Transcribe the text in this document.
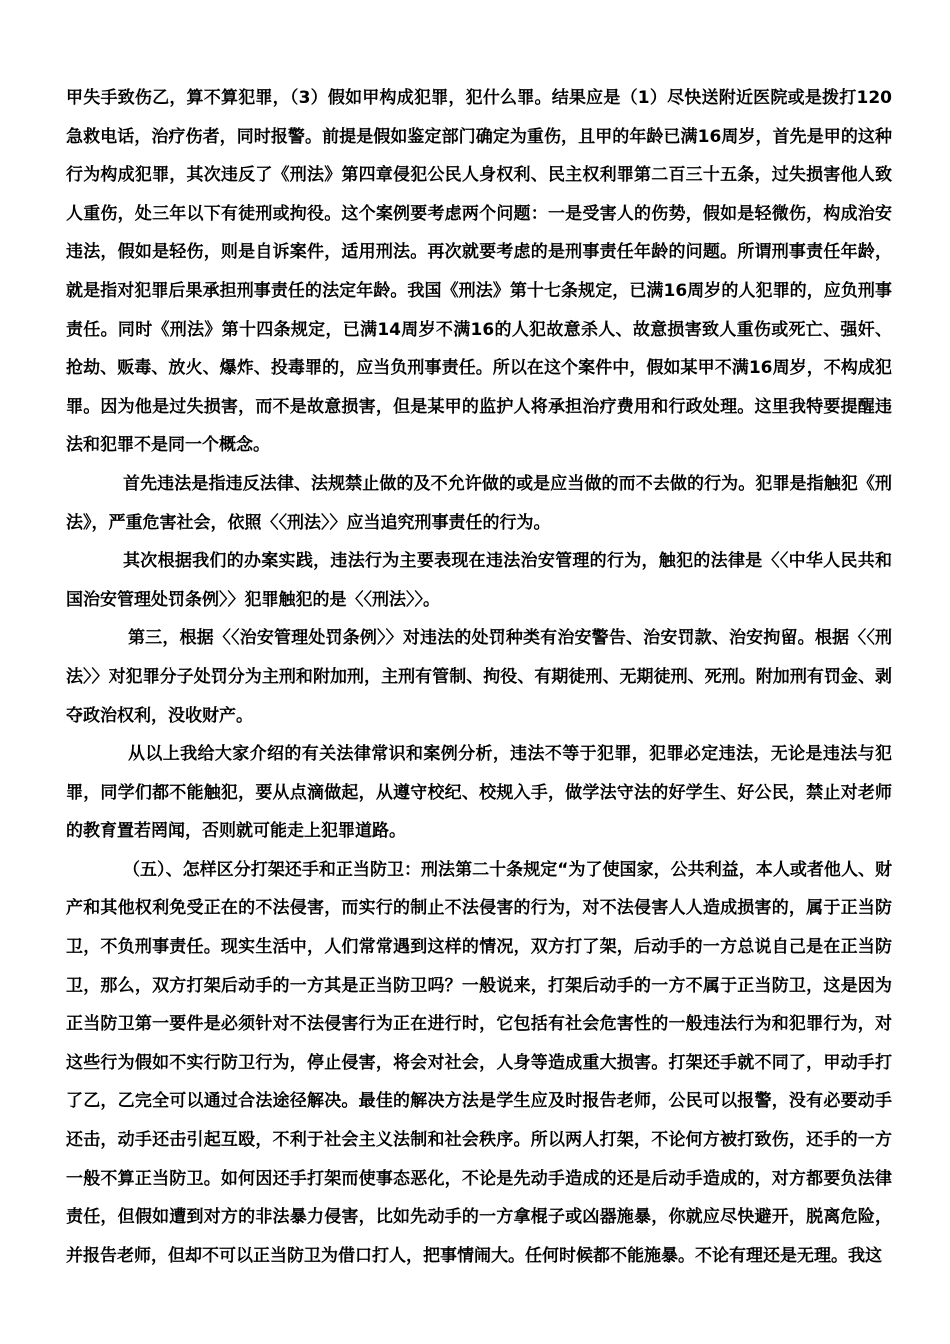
甲失手致伤乙，算不算犯罪，（3）假如甲构成犯罪，犯什么罪。结果应是（1）尽快送附近医院或是拨打120急救电话，治疗伤者，同时报警。前提是假如鉴定部门确定为重伤，且甲的年龄已满16周岁，首先是甲的这种行为构成犯罪，其次违反了《刑法》第四章侵犯公民人身权利、民主权利罪第二百三十五条，过失损害他人致人重伤，处三年以下有徒刑或拘役。这个案例要考虑两个问题：一是受害人的伤势，假如是轻微伤，构成治安违法，假如是轻伤，则是自诉案件，适用刑法。再次就要考虑的是刑事责任年龄的问题。所谓刑事责任年龄，就是指对犯罪后果承担刑事责任的法定年龄。我国《刑法》第十七条规定，已满16周岁的人犯罪的，应负刑事责任。同时《刑法》第十四条规定，已满14周岁不满16的人犯故意杀人、故意损害致人重伤或死亡、强奸、抢劫、贩毒、放火、爆炸、投毒罪的，应当负刑事责任。所以在这个案件中，假如某甲不满16周岁，不构成犯罪。因为他是过失损害，而不是故意损害，但是某甲的监护人将承担治疗费用和行政处理。这里我特要提醒违法和犯罪不是同一个概念。

首先违法是指违反法律、法规禁止做的及不允许做的或是应当做的而不去做的行为。犯罪是指触犯《刑法》，严重危害社会，依照〈〈刑法〉〉应当追究刑事责任的行为。

其次根据我们的办案实践，违法行为主要表现在违法治安管理的行为，触犯的法律是〈〈中华人民共和国治安管理处罚条例〉〉犯罪触犯的是〈〈刑法〉〉。

第三，根据〈〈治安管理处罚条例〉〉对违法的处罚种类有治安警告、治安罚款、治安拘留。根据〈〈刑法〉〉对犯罪分子处罚分为主刑和附加刑，主刑有管制、拘役、有期徒刑、无期徒刑、死刑。附加刑有罚金、剥夺政治权利，没收财产。

从以上我给大家介绍的有关法律常识和案例分析，违法不等于犯罪，犯罪必定违法，无论是违法与犯罪，同学们都不能触犯，要从点滴做起，从遵守校纪、校规入手，做学法守法的好学生、好公民，禁止对老师的教育置若罔闻，否则就可能走上犯罪道路。

（五）、怎样区分打架还手和正当防卫：刑法第二十条规定“为了使国家，公共利益，本人或者他人、财产和其他权利免受正在的不法侵害，而实行的制止不法侵害的行为，对不法侵害人人造成损害的，属于正当防卫，不负刑事责任。现实生活中，人们常常遇到这样的情况，双方打了架，后动手的一方总说自己是在正当防卫，那么，双方打架后动手的一方其是正当防卫吗？一般说来，打架后动手的一方不属于正当防卫，这是因为正当防卫第一要件是必须针对不法侵害行为正在进行时，它包括有社会危害性的一般违法行为和犯罪行为，对这些行为假如不实行防卫行为，停止侵害，将会对社会，人身等造成重大损害。打架还手就不同了，甲动手打了乙，乙完全可以通过合法途径解决。最佳的解决方法是学生应及时报告老师，公民可以报警，没有必要动手还击，动手还击引起互殴，不利于社会主义法制和社会秩序。所以两人打架，不论何方被打致伤，还手的一方一般不算正当防卫。如何因还手打架而使事态恶化，不论是先动手造成的还是后动手造成的，对方都要负法律责任，但假如遭到对方的非法暴力侵害，比如先动手的一方拿棍子或凶器施暴，你就应尽快避开，脱离危险，并报告老师，但却不可以正当防卫为借口打人，把事情闹大。任何时候都不能施暴。不论有理还是无理。我这
